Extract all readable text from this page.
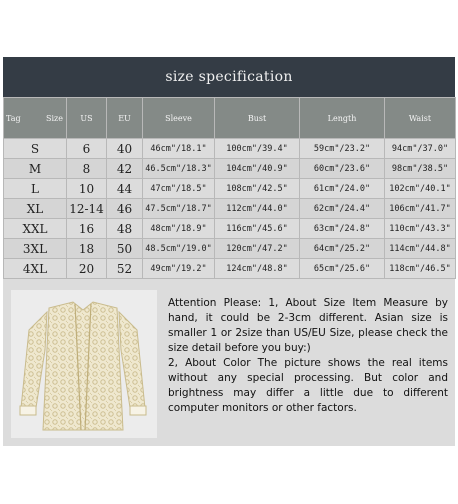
size specification
Tag Size	US	EU	Sleeve	Bust	Length	Waist
S	6	40	46cm"/18.1"	100cm"/39.4"	59cm"/23.2"	94cm"/37.0"
M	8	42	46.5cm"/18.3"	104cm"/40.9"	60cm"/23.6"	98cm"/38.5"
L	10	44	47cm"/18.5"	108cm"/42.5"	61cm"/24.0"	102cm"/40.1"
XL	12-14	46	47.5cm"/18.7"	112cm"/44.0"	62cm"/24.4"	106cm"/41.7"
XXL	16	48	48cm"/18.9"	116cm"/45.6"	63cm"/24.8"	110cm"/43.3"
3XL	18	50	48.5cm"/19.0"	120cm"/47.2"	64cm"/25.2"	114cm"/44.8"
4XL	20	52	49cm"/19.2"	124cm"/48.8"	65cm"/25.6"	118cm"/46.5"
Attention Please: 1, About Size Item Measure by hand, it could be 2-3cm different. Asian size is smaller 1 or 2size than US/EU Size, please check the size detail before you buy:)
2, About Color The picture shows the real items without any special processing. But color and brightness may differ a little due to different computer monitors or other factors.
